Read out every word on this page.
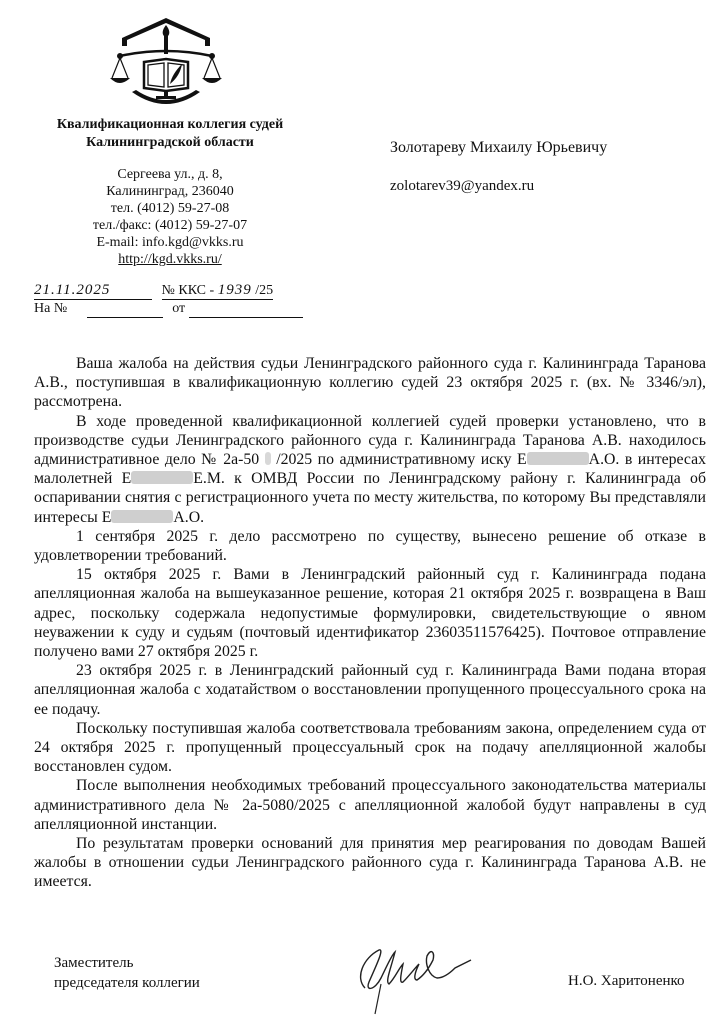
Квалификационная коллегия судей
Калининградской области
Сергеева ул., д. 8,
Калининград, 236040
тел. (4012) 59-27-08
тел./факс: (4012) 59-27-07
E-mail: info.kgd@vkks.ru
http://kgd.vkks.ru/
Золотареву Михаилу Юрьевичу
zolotarev39@yandex.ru
21.11.2025	№ ККС - 1939 /25
На №	от

Ваша жалоба на действия судьи Ленинградского районного суда г. Калининграда Таранова А.В., поступившая в квалификационную коллегию судей 23 октября 2025 г. (вх. № 3346/эл), рассмотрена.

В ходе проведенной квалификационной коллегией судей проверки установлено, что в производстве судьи Ленинградского районного суда г. Калининграда Таранова А.В. находилось административное дело № 2а-50 /2025 по административному иску Е	А.О. в интересах малолетней Е	Е.М. к ОМВД России по Ленинградскому району г. Калининграда об оспаривании снятия с регистрационного учета по месту жительства, по которому Вы представляли интересы Е	А.О.

1 сентября 2025 г. дело рассмотрено по существу, вынесено решение об отказе в удовлетворении требований.

15 октября 2025 г. Вами в Ленинградский районный суд г. Калининграда подана апелляционная жалоба на вышеуказанное решение, которая 21 октября 2025 г. возвращена в Ваш адрес, поскольку содержала недопустимые формулировки, свидетельствующие о явном неуважении к суду и судьям (почтовый идентификатор 23603511576425). Почтовое отправление получено вами 27 октября 2025 г.

23 октября 2025 г. в Ленинградский районный суд г. Калининграда Вами подана вторая апелляционная жалоба с ходатайством о восстановлении пропущенного процессуального срока на ее подачу.

Поскольку поступившая жалоба соответствовала требованиям закона, определением суда от 24 октября 2025 г. пропущенный процессуальный срок на подачу апелляционной жалобы восстановлен судом.

После выполнения необходимых требований процессуального законодательства материалы административного дела № 2а-5080/2025 с апелляционной жалобой будут направлены в суд апелляционной инстанции.

По результатам проверки оснований для принятия мер реагирования по доводам Вашей жалобы в отношении судьи Ленинградского районного суда г. Калининграда Таранова А.В. не имеется.

Заместитель
председателя коллегии	Н.О. Харитоненко
